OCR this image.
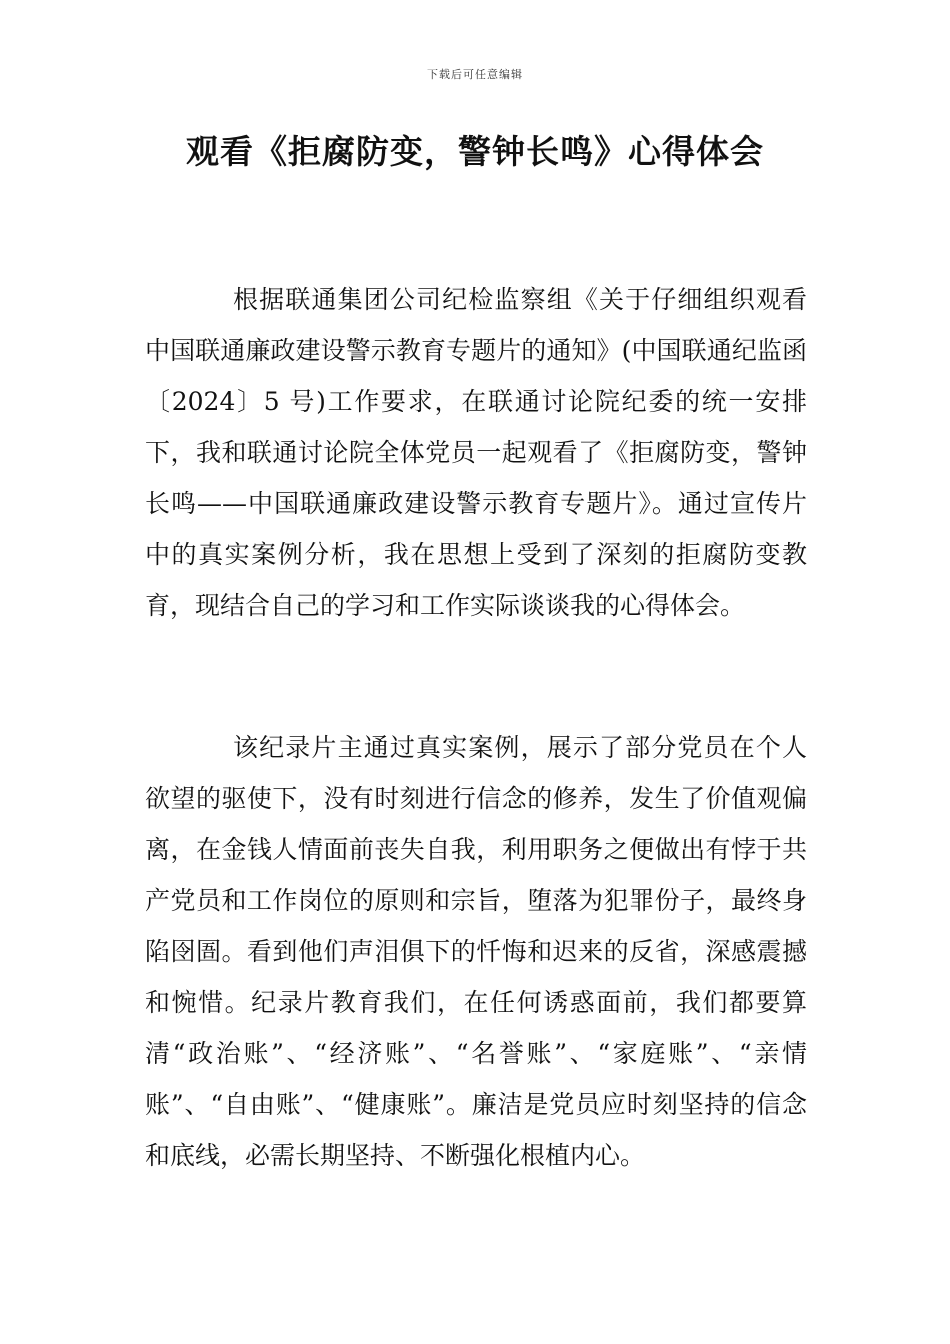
下载后可任意编辑
观看《拒腐防变，警钟长鸣》心得体会

根据联通集团公司纪检监察组《关于仔细组织观看中国联通廉政建设警示教育专题片的通知》(中国联通纪监函〔2024〕5 号)工作要求，在联通讨论院纪委的统一安排下，我和联通讨论院全体党员一起观看了《拒腐防变，警钟长鸣——中国联通廉政建设警示教育专题片》。通过宣传片中的真实案例分析，我在思想上受到了深刻的拒腐防变教育，现结合自己的学习和工作实际谈谈我的心得体会。

该纪录片主通过真实案例，展示了部分党员在个人欲望的驱使下，没有时刻进行信念的修养，发生了价值观偏离，在金钱人情面前丧失自我，利用职务之便做出有悖于共产党员和工作岗位的原则和宗旨，堕落为犯罪份子，最终身陷囹圄。看到他们声泪俱下的忏悔和迟来的反省，深感震撼和惋惜。纪录片教育我们，在任何诱惑面前，我们都要算清“政治账”、“经济账”、“名誉账”、“家庭账”、“亲情账”、“自由账”、“健康账”。廉洁是党员应时刻坚持的信念和底线，必需长期坚持、不断强化根植内心。
